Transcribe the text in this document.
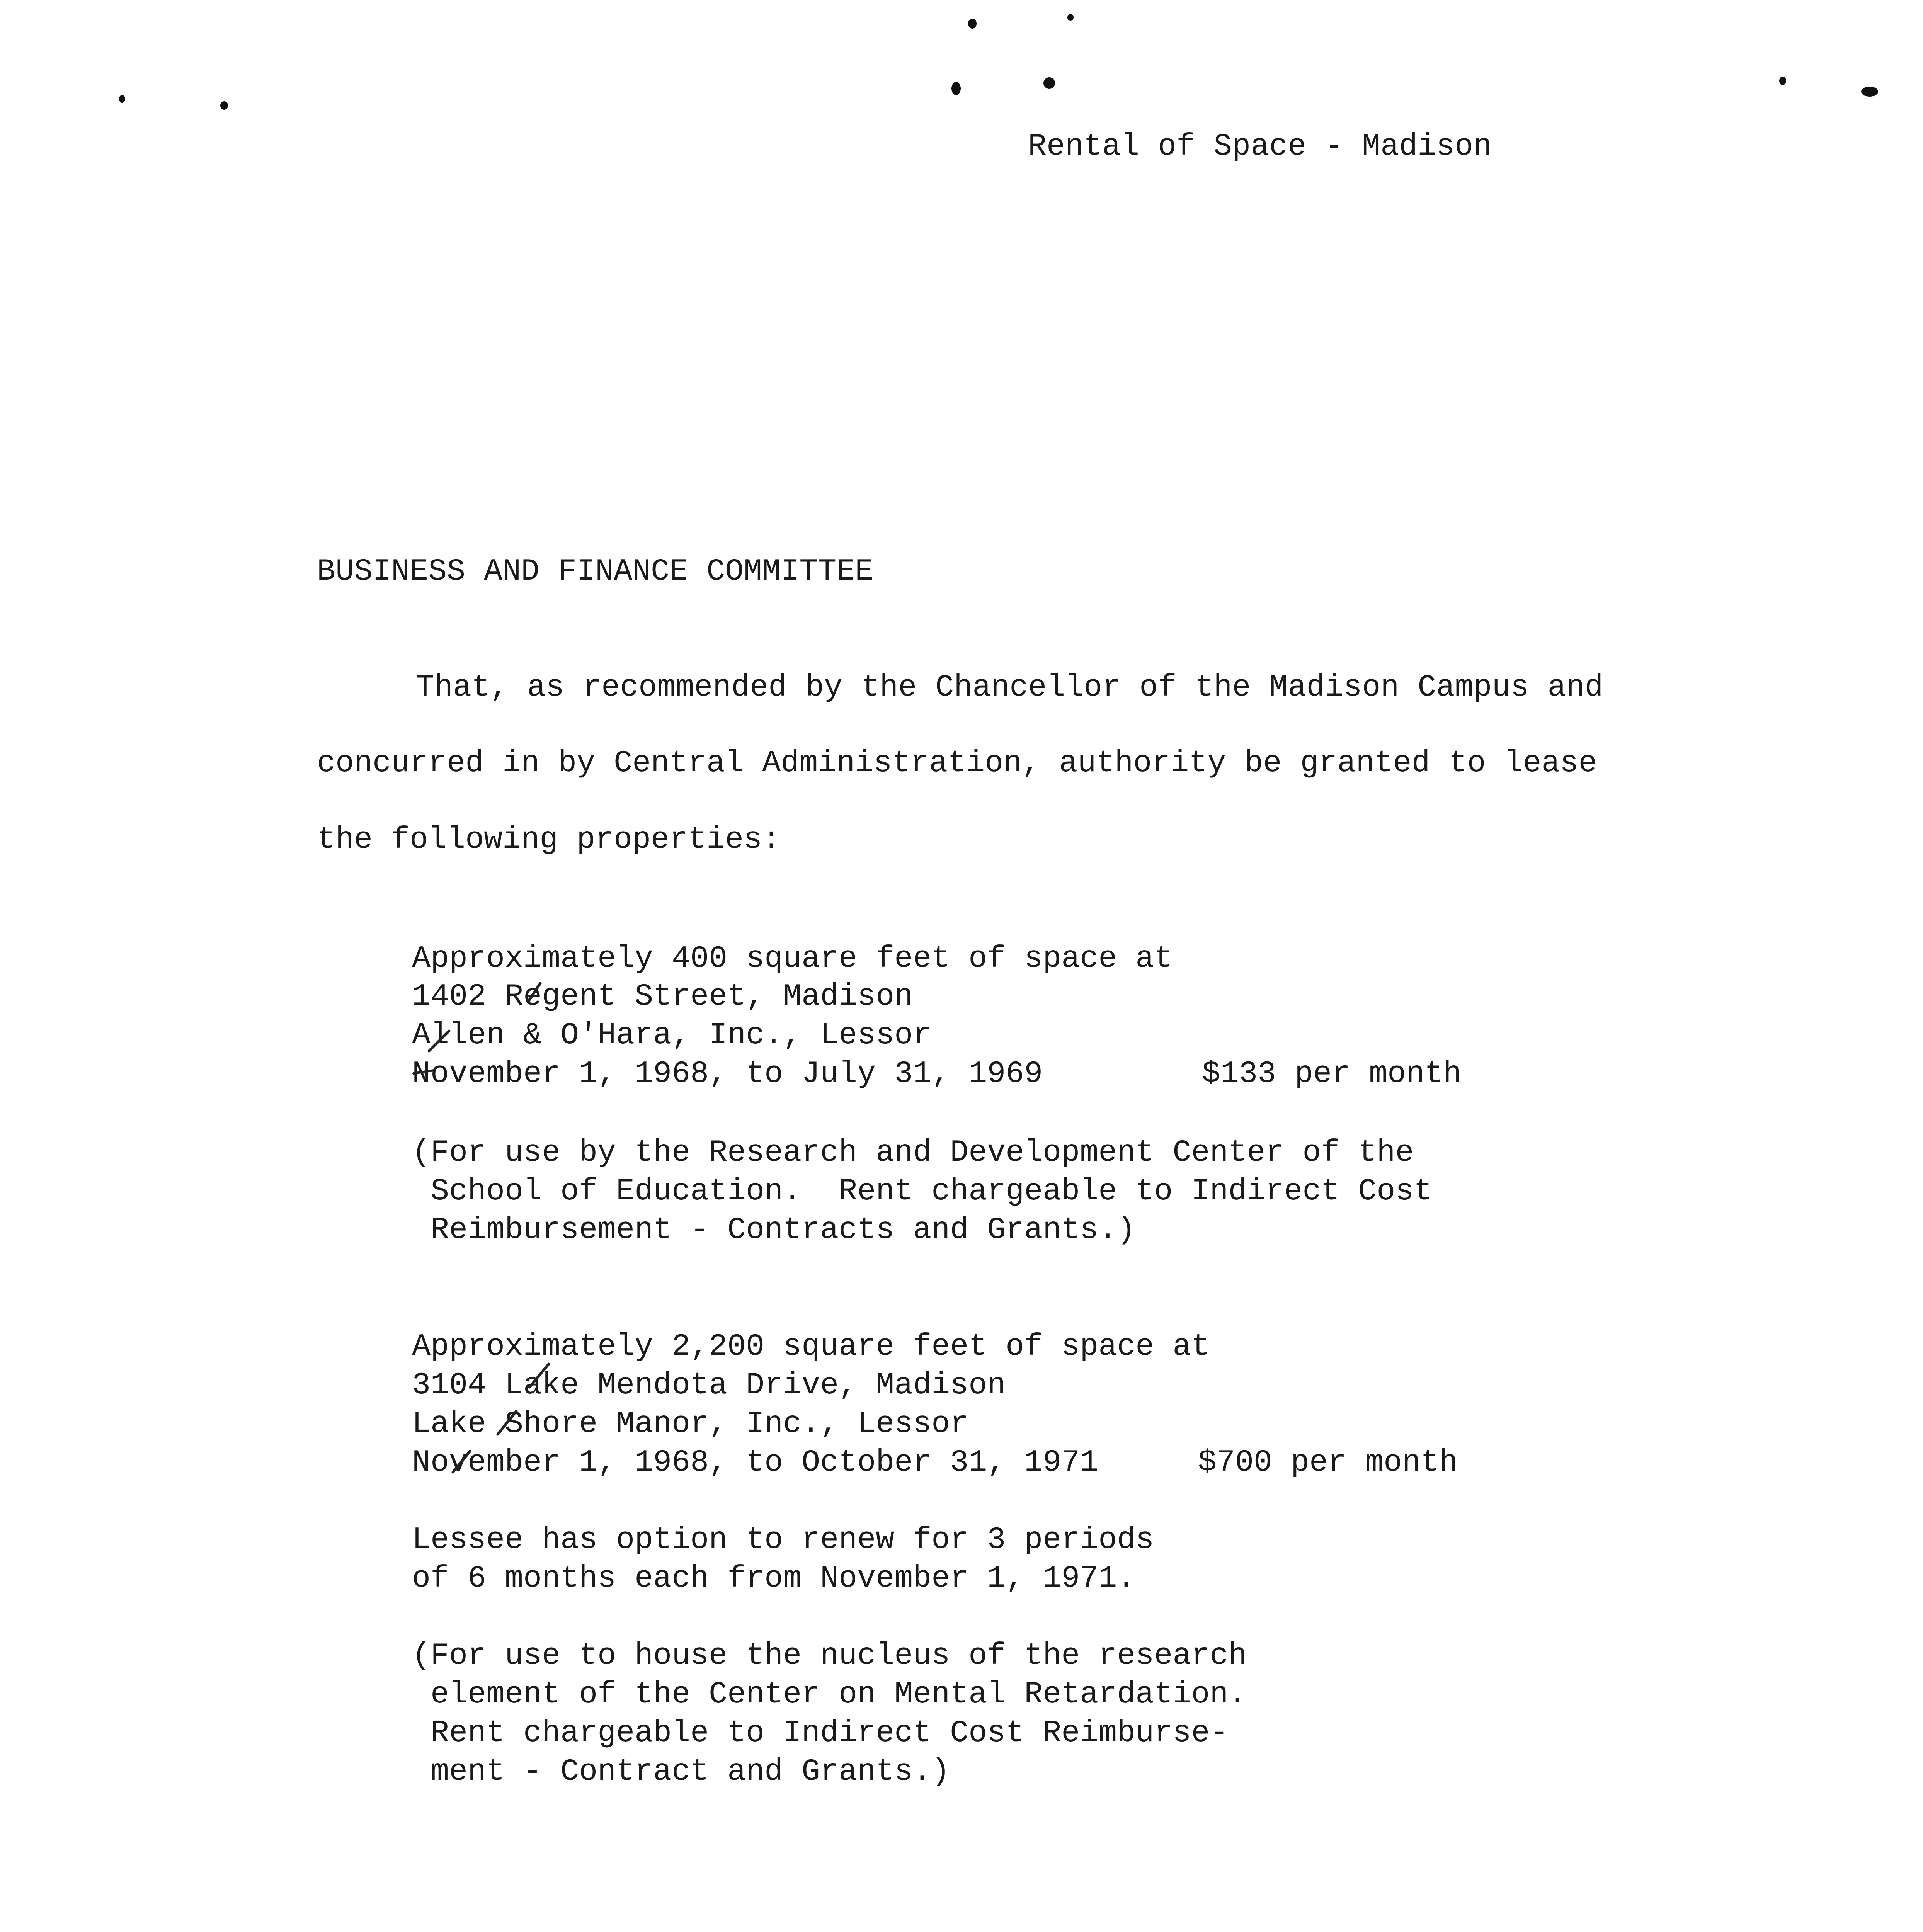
Rental of Space - Madison

BUSINESS AND FINANCE COMMITTEE

That, as recommended by the Chancellor of the Madison Campus and

concurred in by Central Administration, authority be granted to lease

the following properties:

Approximately 400 square feet of space at

1402 Regent Street, Madison

Allen & O'Hara, Inc., Lessor

November 1, 1968, to July 31, 1969	$133 per month

(For use by the Research and Development Center of the

School of Education.  Rent chargeable to Indirect Cost

Reimbursement - Contracts and Grants.)

Approximately 2,200 square feet of space at

3104 Lake Mendota Drive, Madison

Lake Shore Manor, Inc., Lessor

November 1, 1968, to October 31, 1971	$700 per month

Lessee has option to renew for 3 periods

of 6 months each from November 1, 1971.

(For use to house the nucleus of the research

element of the Center on Mental Retardation.

Rent chargeable to Indirect Cost Reimburse-

ment - Contract and Grants.)
